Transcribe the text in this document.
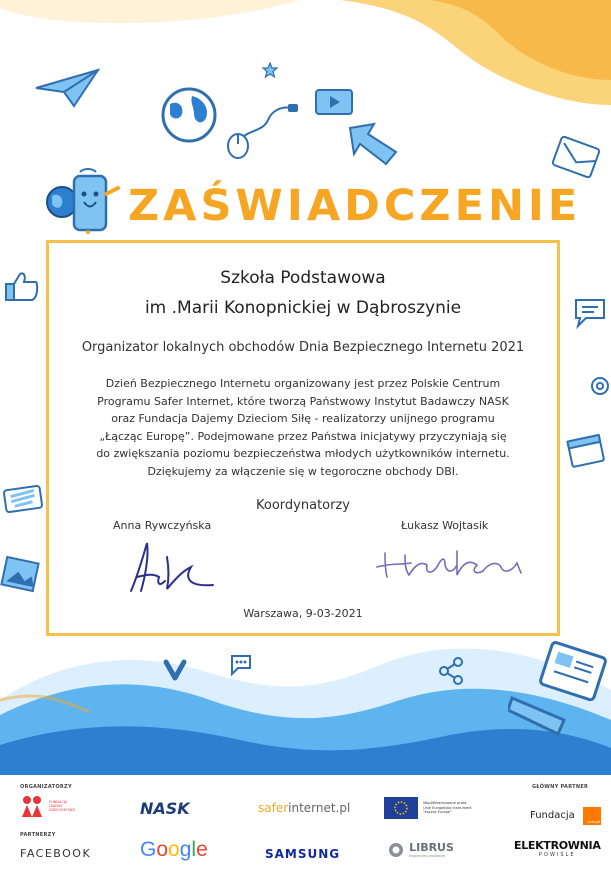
ZAŚWIADCZENIE
Szkoła Podstawowa
im .Marii Konopnickiej w Dąbroszynie
Organizator lokalnych obchodów Dnia Bezpiecznego Internetu 2021
Dzień Bezpiecznego Internetu organizowany jest przez Polskie Centrum
Programu Safer Internet, które tworzą Państwowy Instytut Badawczy NASK
oraz Fundacja Dajemy Dzieciom Siłę - realizatorzy unijnego programu
„Łącząc Europę”. Podejmowane przez Państwa inicjatywy przyczyniają się
do zwiększania poziomu bezpieczeństwa młodych użytkowników internetu.
Dziękujemy za włączenie się w tegoroczne obchody DBI.
Koordynatorzy
Anna Rywczyńska	Łukasz Wojtasik
Warszawa, 9-03-2021
ORGANIZATORZY
PARTNERZY
GŁÓWNY PARTNER
FUNDACJA DAJEMY DZIECIOM SIŁĘ	NASK	saferinternet.pl	Współfinansowane przez Unię Europejską Instrument "Łącząc Europę"	Fundacja orange
FACEBOOK Google	SAMSUNG
	LIBRUS
wspieramy edukację
ELEKTROWNIA
POWIŚLE
